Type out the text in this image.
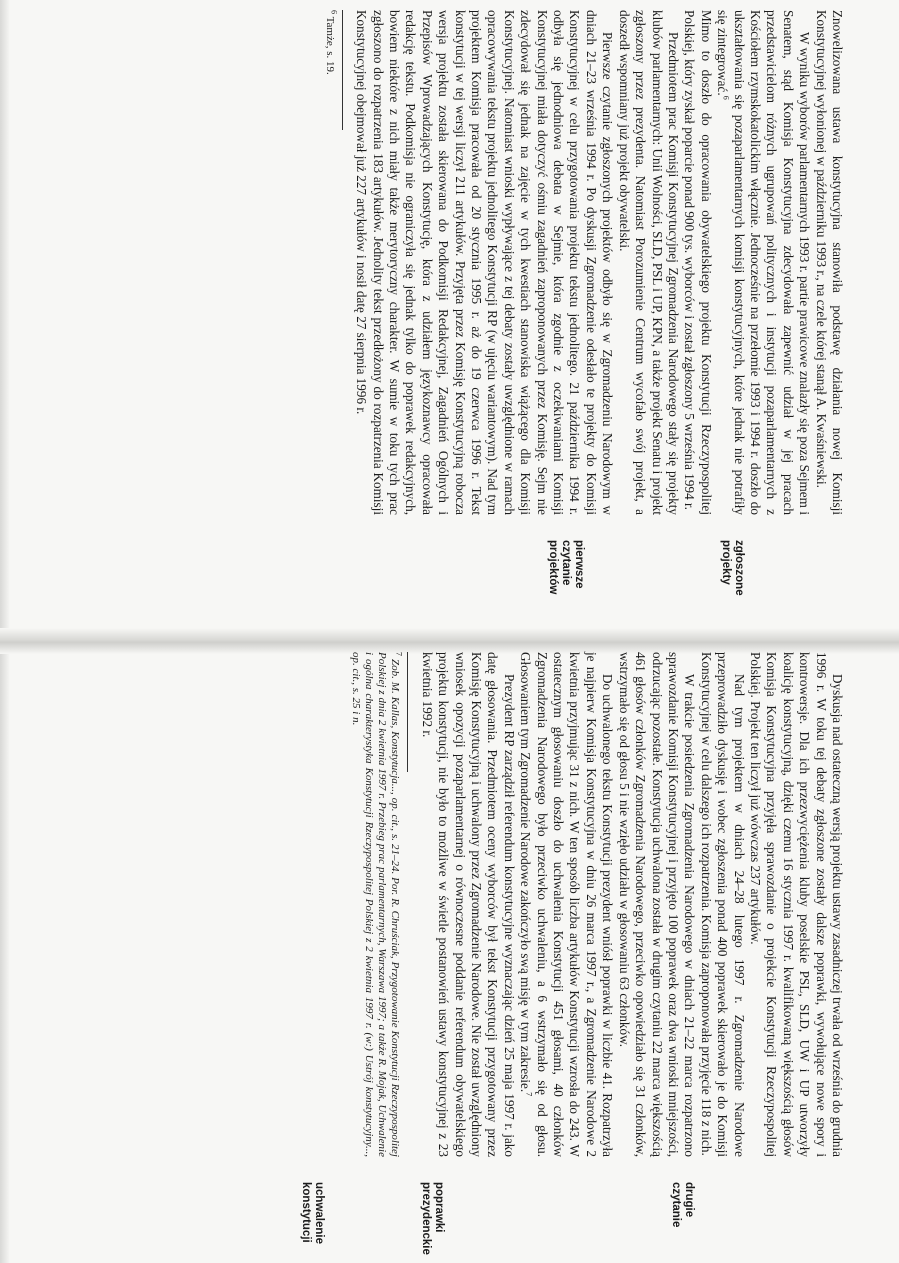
Znowelizowana ustawa konstytucyjna stanowiła podstawę działania nowej Komisji Konstytucyjnej wyłonionej w październiku 1993 r., na czele której stanął A. Kwaśniewski.

W wyniku wyborów parlamentarnych 1993 r. partie prawicowe znalazły się poza Sejmem i Senatem, stąd Komisja Konstytucyjna zdecydowała zapewnić udział w jej pracach przedstawicielom różnych ugrupowań politycznych i instytucji pozaparlamentarnych z Kościołem rzymskokatolickim włącznie. Jednocześnie na przełomie 1993 i 1994 r. doszło do ukształtowania się pozaparlamentarnych komisji konstytucyjnych, które jednak nie potrafiły się zintegrować.$^6$

Mimo to doszło do opracowania obywatelskiego projektu Konstytucji Rzeczypospolitej Polskiej, który zyskał poparcie ponad 900 tys. wyborców i został zgłoszony 5 września 1994 r.

Przedmiotem prac Komisji Konstytucyjnej Zgromadzenia Narodowego stały się projekty klubów parlamentarnych: Unii Wolności, SLD, PSL i UP, KPN, a także projekt Senatu i projekt zgłoszony przez prezydenta. Natomiast Porozumienie Centrum wycofało swój projekt, a doszedł wspomniany już projekt obywatelski.

Pierwsze czytanie zgłoszonych projektów odbyło się w Zgromadzeniu Narodowym w dniach 21–23 września 1994 r. Po dyskusji Zgromadzenie odesłało te projekty do Komisji Konstytucyjnej w celu przygotowania projektu tekstu jednolitego. 21 października 1994 r. odbyła się jednodniowa debata w Sejmie, która zgodnie z oczekiwaniami Komisji Konstytucyjnej miała dotyczyć ośmiu zagadnień zaproponowanych przez Komisję. Sejm nie zdecydował się jednak na zajęcie w tych kwestiach stanowiska wiążącego dla Komisji Konstytucyjnej. Natomiast wnioski wypływające z tej debaty zostały uwzględnione w ramach opracowywania tekstu projektu jednolitego Konstytucji RP (w ujęciu wariantowym). Nad tym projektem Komisja pracowała od 20 stycznia 1995 r. aż do 19 czerwca 1996 r. Tekst konstytucji w tej wersji liczył 211 artykułów. Przyjęta przez Komisję Konstytucyjną robocza wersja projektu została skierowana do Podkomisji Redakcyjnej, Zagadnień Ogólnych i Przepisów Wprowadzających Konstytucję, która z udziałem językoznawcy opracowała redakcję tekstu. Podkomisja nie ograniczyła się jednak tylko do poprawek redakcyjnych, bowiem niektóre z nich miały także merytoryczny charakter. W sumie w toku tych prac zgłoszono do rozpatrzenia 183 artykułów. Jednolity tekst przedłożony do rozpatrzenia Komisji Konstytucyjnej obejmował już 227 artykułów i nosił datę 27 sierpnia 1996 r.

$^6$ Tamże, s. 19.
zgłoszone projekty
pierwsze czytanie projektów

Dyskusja nad ostateczną wersją projektu ustawy zasadniczej trwała od września do grudnia 1996 r. W toku tej debaty zgłoszone zostały dalsze poprawki, wywołujące nowe spory i kontrowersje. Dla ich przezwyciężenia kluby poselskie PSL, SLD, UW i UP utworzyły koalicję konstytucyjną, dzięki czemu 16 stycznia 1997 r. kwalifikowaną większością głosów Komisja Konstytucyjna przyjęła sprawozdanie o projekcie Konstytucji Rzeczypospolitej Polskiej. Projekt ten liczył już wówczas 237 artykułów.

Nad tym projektem w dniach 24–28 lutego 1997 r. Zgromadzenie Narodowe przeprowadziło dyskusję i wobec zgłoszenia ponad 400 poprawek skierowało je do Komisji Konstytucyjnej w celu dalszego ich rozpatrzenia. Komisja zaproponowała przyjęcie 118 z nich.

W trakcie posiedzenia Zgromadzenia Narodowego w dniach 21–22 marca rozpatrzono sprawozdanie Komisji Konstytucyjnej i przyjęto 100 poprawek oraz dwa wnioski mniejszości, odrzucając pozostałe. Konstytucja uchwalona została w drugim czytaniu 22 marca większością 461 głosów członków Zgromadzenia Narodowego, przeciwko opowiedziało się 31 członków, wstrzymało się od głosu 5 i nie wzięło udziału w głosowaniu 63 członków.

Do uchwalonego tekstu Konstytucji prezydent wniósł poprawki w liczbie 41. Rozpatrzyła je najpierw Komisja Konstytucyjna w dniu 26 marca 1997 r., a Zgromadzenie Narodowe 2 kwietnia przyjmując 31 z nich. W ten sposób liczba artykułów Konstytucji wzrosła do 243. W ostatecznym głosowaniu doszło do uchwalenia Konstytucji 451 głosami, 40 członków Zgromadzenia Narodowego było przeciwko uchwaleniu, a 6 wstrzymało się od głosu. Głosowaniem tym Zgromadzenie Narodowe zakończyło swą misję w tym zakresie.$^7$

Prezydent RP zarządził referendum konstytucyjne wyznaczając dzień 25 maja 1997 r. jako datę głosowania. Przedmiotem oceny wyborców był tekst Konstytucji przygotowany przez Komisję Konstytucyjną i uchwalony przez Zgromadzenie Narodowe. Nie został uwzględniony wniosek opozycji pozaparlamentarnej o równoczesne poddanie referendum obywatelskiego projektu konstytucji, nie było to możliwe w świetle postanowień ustawy konstytucyjnej z 23 kwietnia 1992 r.

$^7$ Zob. M. Kallas, Konstytucja..., op. cit., s. 21–24. Por. R. Chruściak, Przygotowanie Konstytucji Rzeczypospolitej Polskiej z dnia 2 kwietnia 1997 r. Przebieg prac parlamentarnych, Warszawa 1997; a także R. Mojak, Uchwalenie i ogólna charakterystyka Konstytucji Rzeczypospolitej Polskiej z 2 kwietnia 1997 r. (w:) Ustrój konstytucyjny..., op. cit., s. 25 i n.
drugie czytanie
poprawki prezydenckie
uchwalenie konstytucji
